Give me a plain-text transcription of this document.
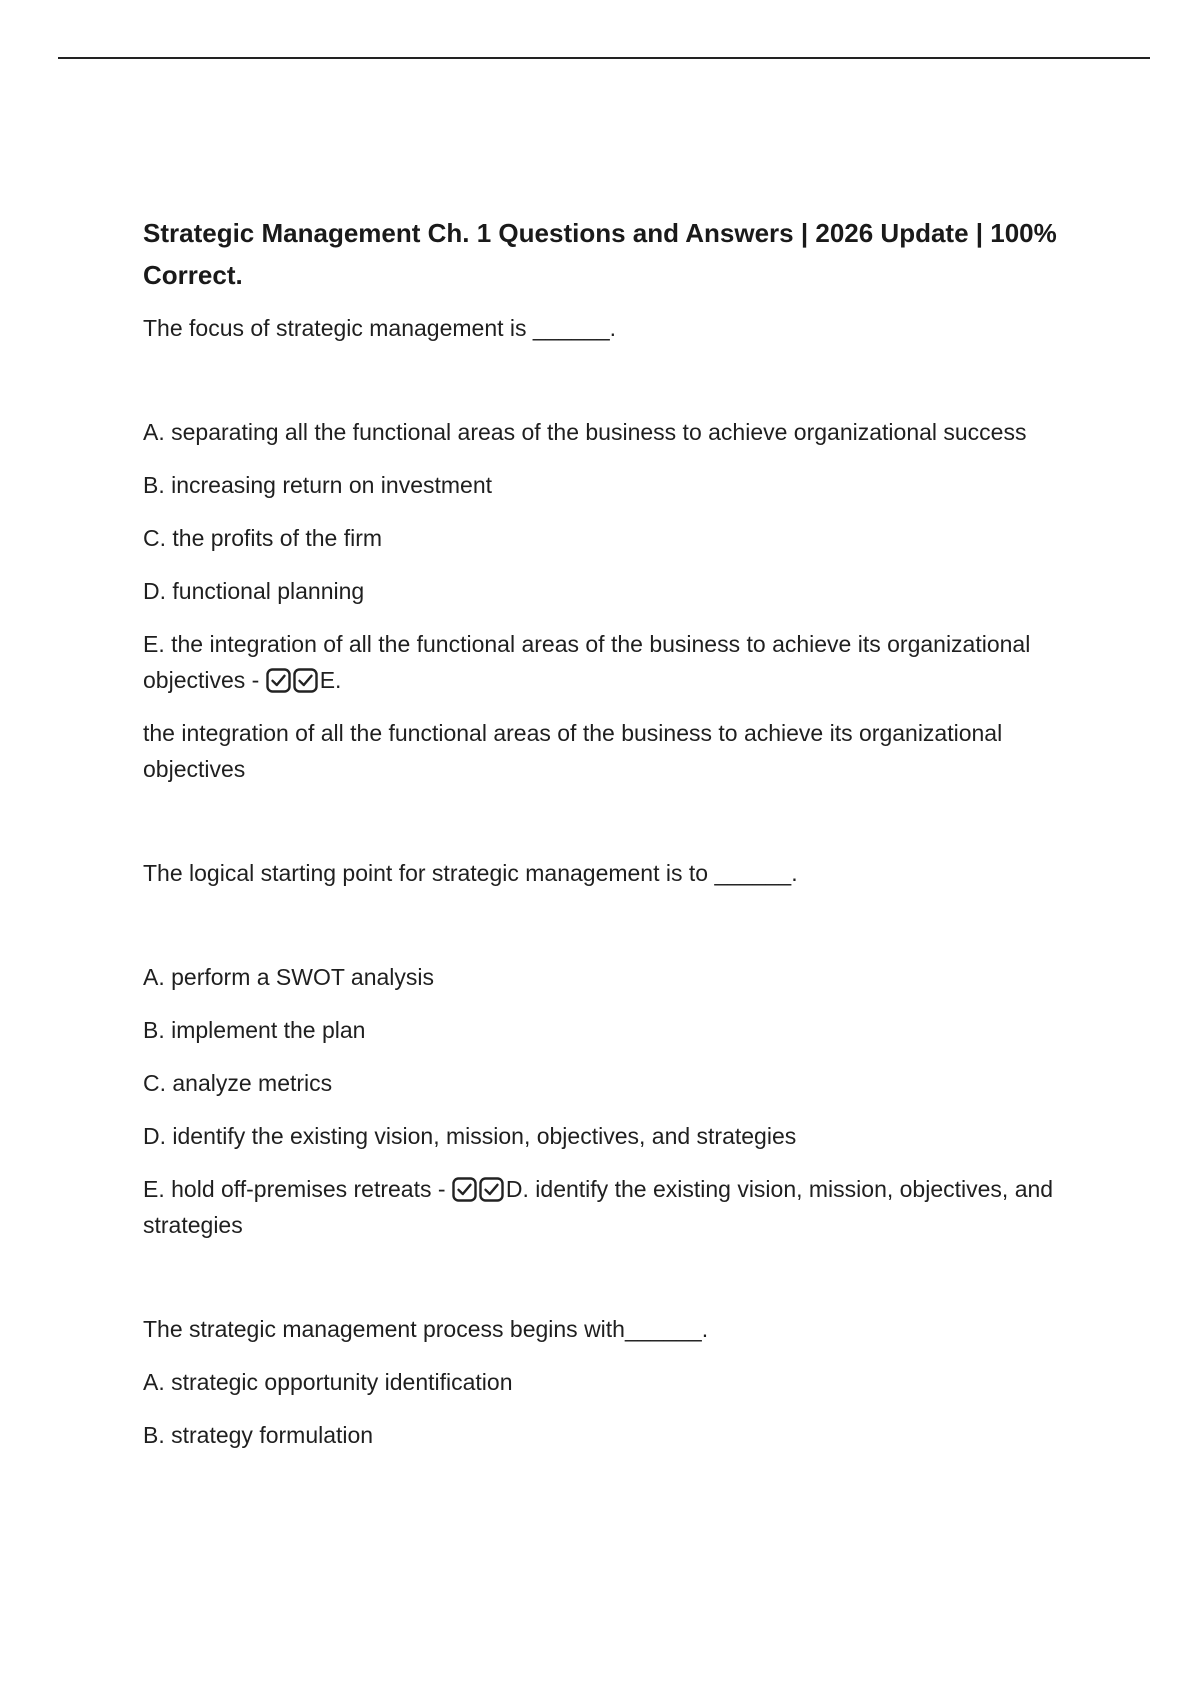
Strategic Management Ch. 1 Questions and Answers | 2026 Update | 100% Correct.

The focus of strategic management is ______.

A. separating all the functional areas of the business to achieve organizational success

B. increasing return on investment

C. the profits of the firm

D. functional planning

E. the integration of all the functional areas of the business to achieve its organizational objectives -
E.

the integration of all the functional areas of the business to achieve its organizational objectives

The logical starting point for strategic management is to ______.

A. perform a SWOT analysis

B. implement the plan

C. analyze metrics

D. identify the existing vision, mission, objectives, and strategies

E. hold off-premises retreats -
D. identify the existing vision, mission, objectives, and strategies

The strategic management process begins with______.

A. strategic opportunity identification

B. strategy formulation
